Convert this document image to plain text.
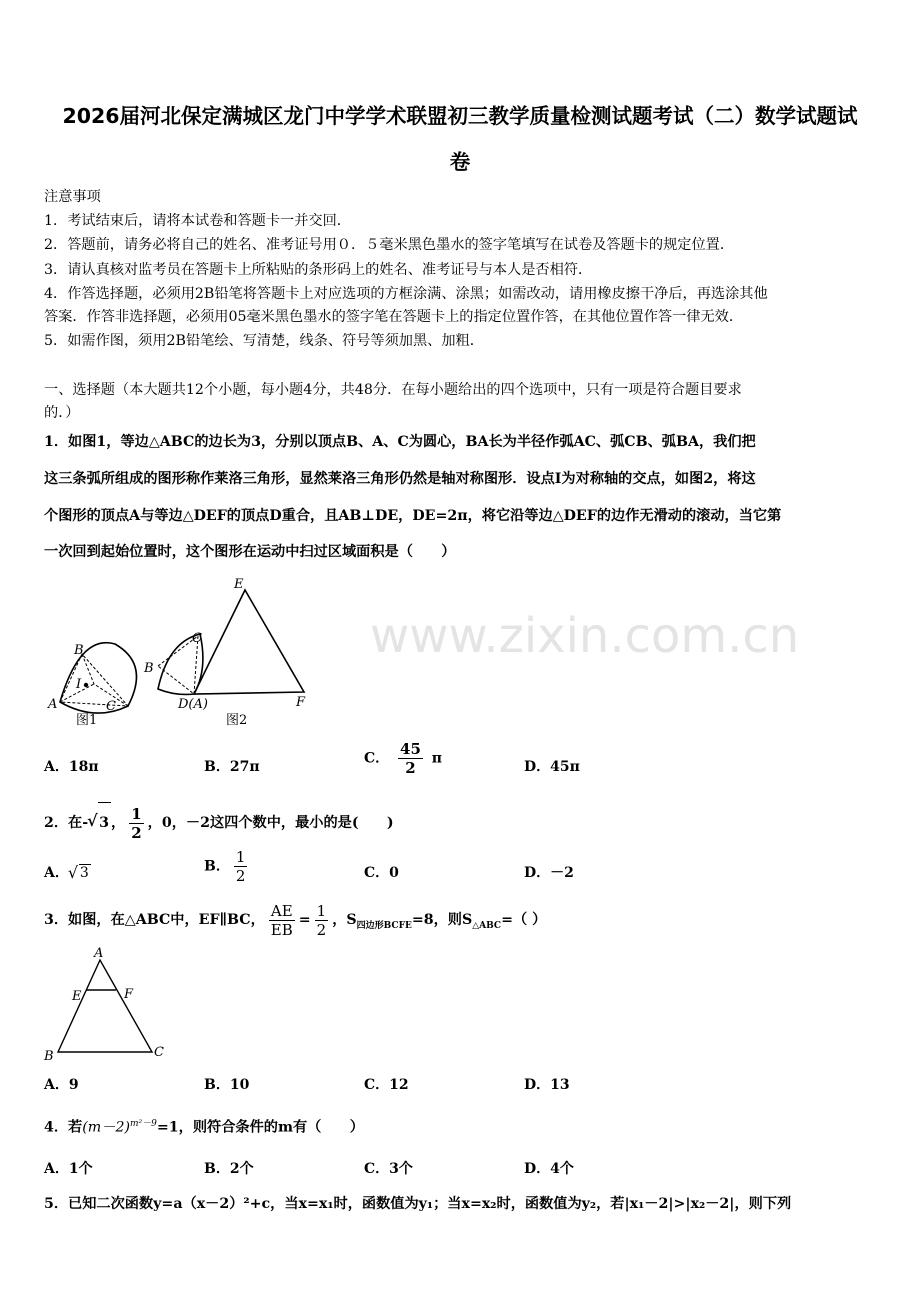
2026届河北保定满城区龙门中学学术联盟初三教学质量检测试题考试（二）数学试题试
卷
注意事项
1．考试结束后，请将本试卷和答题卡一并交回．
2．答题前，请务必将自己的姓名、准考证号用０．５毫米黑色墨水的签字笔填写在试卷及答题卡的规定位置．
3．请认真核对监考员在答题卡上所粘贴的条形码上的姓名、准考证号与本人是否相符．
4．作答选择题，必须用2B铅笔将答题卡上对应选项的方框涂满、涂黑；如需改动，请用橡皮擦干净后，再选涂其他
答案．作答非选择题，必须用05毫米黑色墨水的签字笔在答题卡上的指定位置作答，在其他位置作答一律无效．
5．如需作图，须用2B铅笔绘、写清楚，线条、符号等须加黑、加粗．
一、选择题（本大题共12个小题，每小题4分，共48分．在每小题给出的四个选项中，只有一项是符合题目要求
的．）
1．如图1，等边△ABC的边长为3，分别以顶点B、A、C为圆心，BA长为半径作弧AC、弧CB、弧BA，我们把
这三条弧所组成的图形称作莱洛三角形，显然莱洛三角形仍然是轴对称图形．设点I为对称轴的交点，如图2，将这
个图形的顶点A与等边△DEF的顶点D重合，且AB⊥DE，DE=2π，将它沿等边△DEF的边作无滑动的滚动，当它第
一次回到起始位置时，这个图形在运动中扫过区域面积是（　　）
www.zixin.com.cn
B
I
A	C
图1
B
C
E
F
D(A)
图2
A．18π	B．27π
C． $\frac{45}{2}$ π
D．45π
2．在- √ 3 ， $\frac{1}{2}$ ，0，－2这四个数中，最小的是(　　)
A． √ 3	B． $\frac{1}{2}$	C．0	D．－2
3．如图，在△ABC中，EF∥BC， $\frac{AE}{EB} = \frac{1}{2}$ ，$S_{四边形BCFE}=8$，则$S_{\triangle ABC}=$（ ）
A
E	F
B	C
A．9	B．10	C．12	D．13
4．若$(m-2)^{m^2-9}=1$，则符合条件的m有（　　）
A．1个	B．2个	C．3个	D．4个
5．已知二次函数y=a（x－2）²+c，当x=x₁时，函数值为y₁；当x=x₂时，函数值为y₂，若|x₁－2|>|x₂－2|，则下列
